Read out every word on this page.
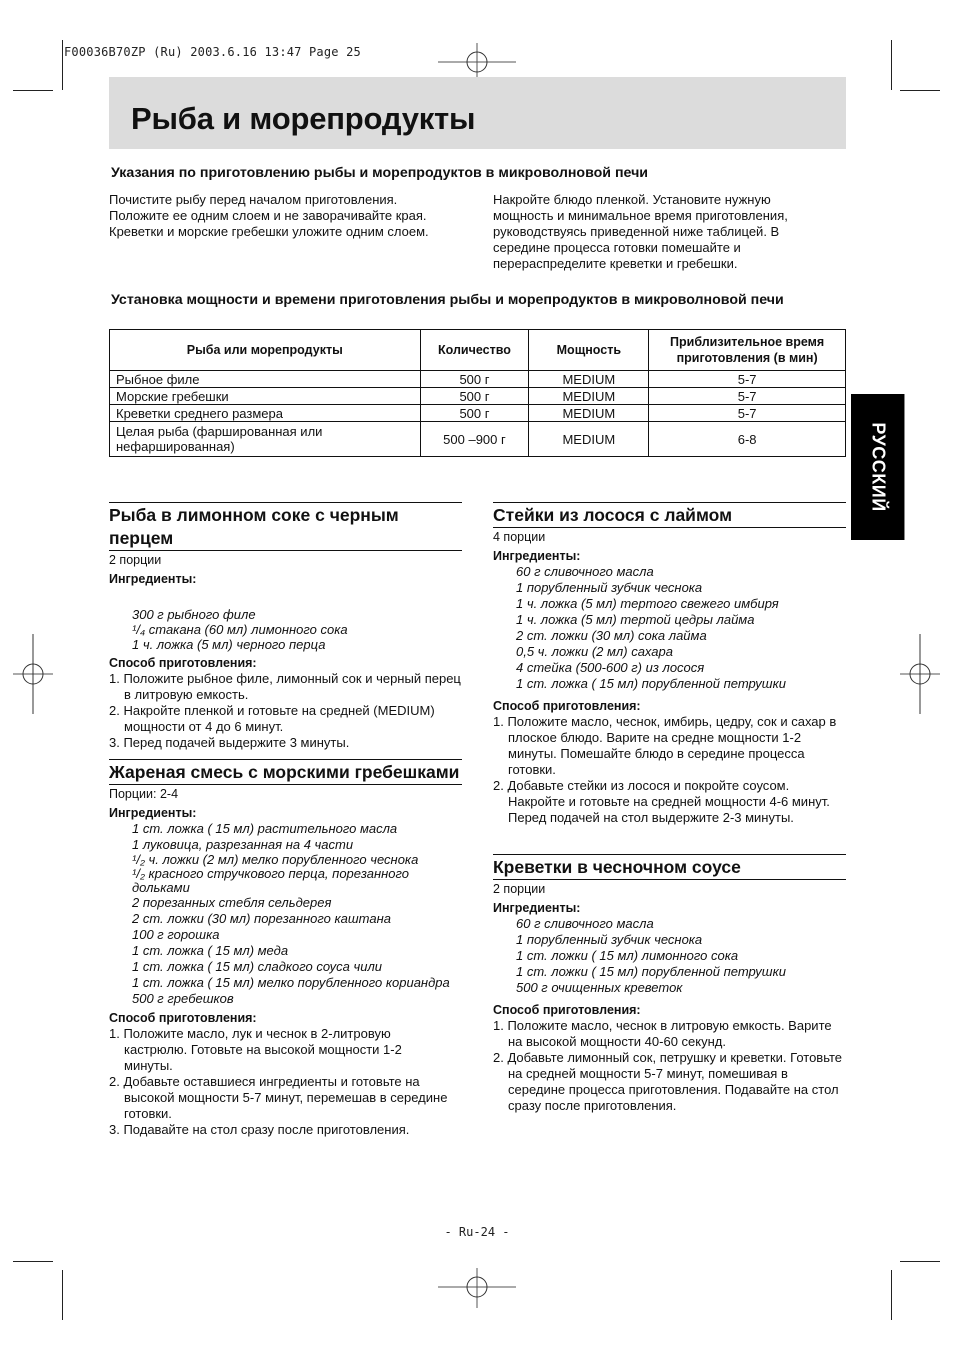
F00036B70ZP (Ru) 2003.6.16 13:47 Page 25
Рыба и морепродукты
Указания по приготовлению рыбы и морепродуктов в микроволновой печи
Почистите рыбу перед началом приготовления.
Положите ее одним слоем и не заворачивайте края.
Креветки и морские гребешки уложите одним слоем.
Накройте блюдо пленкой. Установите нужную
мощность и минимальное время приготовления,
руководствуясь приведенной ниже таблицей. В
середине процесса готовки помешайте и
перераспределите креветки и гребешки.
Установка мощности и времени приготовления рыбы и морепродуктов в микроволновой печи
Рыба или морепродукты	Количество	Мощность	Приблизительное время приготовления (в мин)
Рыбное филе	500 г	MEDIUM	5-7
Морские гребешки	500 г	MEDIUM	5-7
Креветки среднего размера	500 г	MEDIUM	5-7
Целая рыба (фаршированная или нефаршированная)	500 –900 г	MEDIUM	6-8	РУССКИЙ
Рыба в лимонном соке с черным перцем
2 порции
Ингредиенты:
300 г рыбного филе
¹/₄ стакана (60 мл) лимонного сока
1 ч. ложка (5 мл) черного перца
Способ приготовления:
1. Положите рыбное филе, лимонный сок и черный перец в литровую емкость.
2. Накройте пленкой и готовьте на средней (MEDIUM) мощности от 4 до 6 минут.
3. Перед подачей выдержите 3 минуты.
Жареная смесь с морскими гребешками
Порции: 2-4
Ингредиенты:
1 ст. ложка ( 15 мл) растительного масла
1 луковица, разрезанная на 4 части
¹/₂ ч. ложки (2 мл) мелко порубленного чеснока
¹/₂ красного стручкового перца, порезанного дольками
2 порезанных стебля сельдерея
2 ст. ложки (30 мл) порезанного каштана
100 г горошка
1 ст. ложка ( 15 мл) меда
1 ст. ложка ( 15 мл) сладкого соуса чили
1 ст. ложка ( 15 мл) мелко порубленного кориандра
500 г гребешков
Способ приготовления:
1. Положите масло, лук и чеснок в 2-литровую кастрюлю. Готовьте на высокой мощности 1-2 минуты.
2. Добавьте оставшиеся ингредиенты и готовьте на высокой мощности 5-7 минут, перемешав в середине готовки.
3. Подавайте на стол сразу после приготовления.
Стейки из лосося с лаймом
4 порции
Ингредиенты:
60 г сливочного масла
1 порубленный зубчик чеснока
1 ч. ложка (5 мл) тертого свежего имбиря
1 ч. ложка (5 мл) тертой цедры лайма
2 ст. ложки (30 мл) сока лайма
0,5 ч. ложки (2 мл) сахара
4 стейка (500-600 г) из лосося
1 ст. ложка ( 15 мл) порубленной петрушки
Способ приготовления:
1. Положите масло, чеснок, имбирь, цедру, сок и сахар в плоское блюдо. Варите на средне мощности 1-2 минуты. Помешайте блюдо в середине процесса готовки.
2. Добавьте стейки из лосося и покройте соусом. Накройте и готовьте на средней мощности 4-6 минут. Перед подачей на стол выдержите 2-3 минуты.
Креветки в чесночном соусе
2 порции
Ингредиенты:
60 г сливочного масла
1 порубленный зубчик чеснока
1 ст. ложки ( 15 мл) лимонного сока
1 ст. ложки ( 15 мл) порубленной петрушки
500 г очищенных креветок
Способ приготовления:
1. Положите масло, чеснок в литровую емкость. Варите на высокой мощности 40-60 секунд.
2. Добавьте лимонный сок, петрушку и креветки. Готовьте на средней мощности 5-7 минут, помешивая в середине процесса приготовления. Подавайте на стол сразу после приготовления.
- Ru-24 -
